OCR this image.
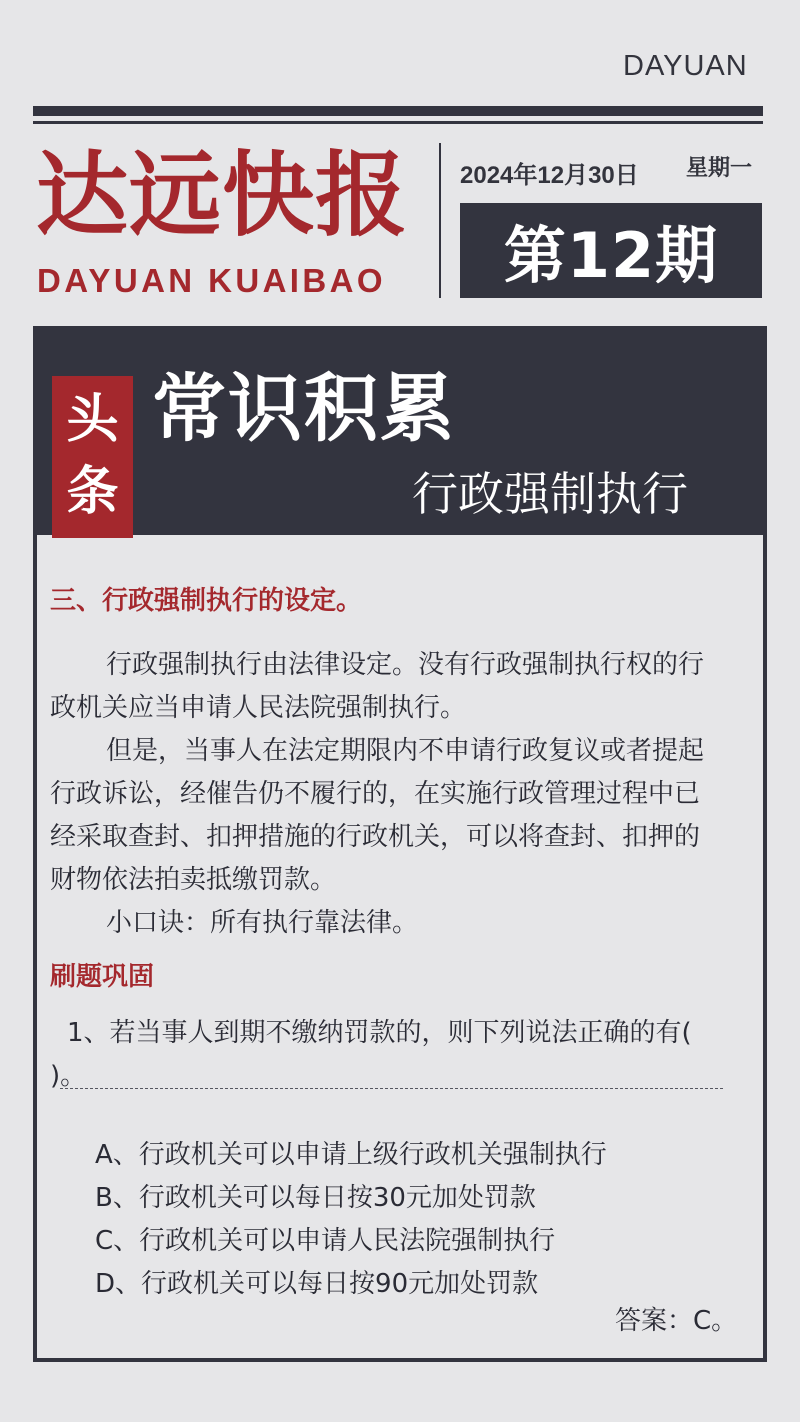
DAYUAN
达远快报
DAYUAN KUAIBAO
2024年12月30日 星期一
第12期
头
条
常识积累
行政强制执行
三、行政强制执行的设定。

行政强制执行由法律设定。没有行政强制执行权的行

政机关应当申请人民法院强制执行。

但是，当事人在法定期限内不申请行政复议或者提起

行政诉讼，经催告仍不履行的，在实施行政管理过程中已

经采取查封、扣押措施的行政机关，可以将查封、扣押的

财物依法拍卖抵缴罚款。

小口诀：所有执行靠法律。

刷题巩固

1、若当事人到期不缴纳罚款的，则下列说法正确的有(

)。

A、行政机关可以申请上级行政机关强制执行

B、行政机关可以每日按30元加处罚款

C、行政机关可以申请人民法院强制执行

D、行政机关可以每日按90元加处罚款

答案：C。
